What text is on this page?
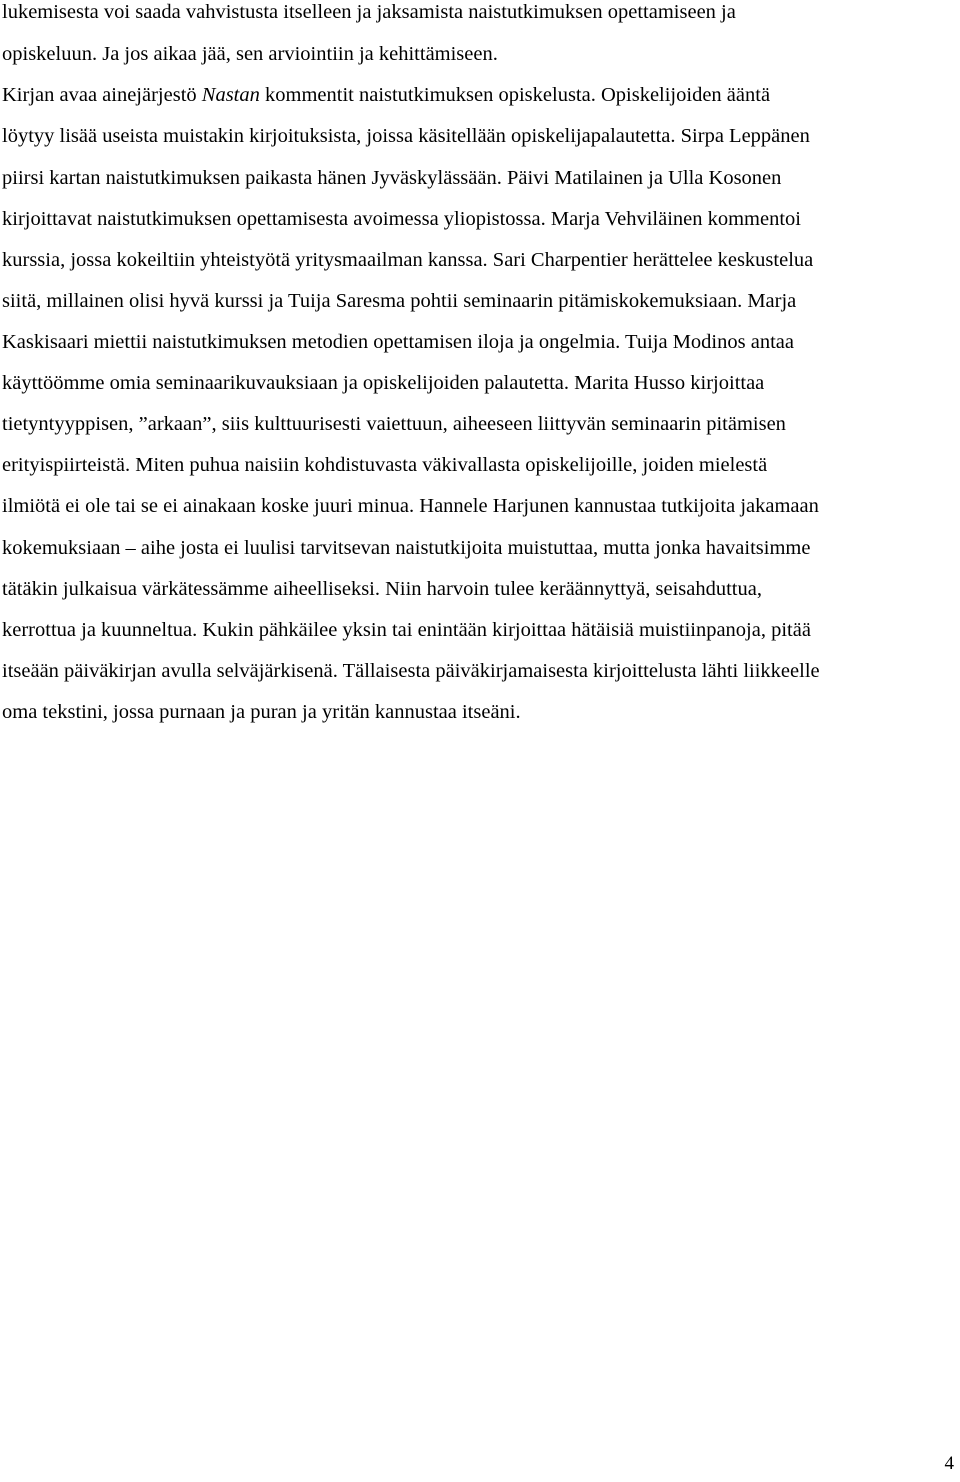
lukemisesta voi saada vahvistusta itselleen ja jaksamista naistutkimuksen opettamiseen ja
opiskeluun. Ja jos aikaa jää, sen arviointiin ja kehittämiseen.
Kirjan avaa ainejärjestö Nastan kommentit naistutkimuksen opiskelusta. Opiskelijoiden ääntä
löytyy lisää useista muistakin kirjoituksista, joissa käsitellään opiskelijapalautetta. Sirpa Leppänen
piirsi kartan naistutkimuksen paikasta hänen Jyväskylässään. Päivi Matilainen ja Ulla Kosonen
kirjoittavat naistutkimuksen opettamisesta avoimessa yliopistossa. Marja Vehviläinen kommentoi
kurssia, jossa kokeiltiin yhteistyötä yritysmaailman kanssa. Sari Charpentier herättelee keskustelua
siitä, millainen olisi hyvä kurssi ja Tuija Saresma pohtii seminaarin pitämiskokemuksiaan. Marja
Kaskisaari miettii naistutkimuksen metodien opettamisen iloja ja ongelmia. Tuija Modinos antaa
käyttöömme omia seminaarikuvauksiaan ja opiskelijoiden palautetta. Marita Husso kirjoittaa
tietyntyyppisen, ”arkaan”, siis kulttuurisesti vaiettuun, aiheeseen liittyvän seminaarin pitämisen
erityispiirteistä. Miten puhua naisiin kohdistuvasta väkivallasta opiskelijoille, joiden mielestä
ilmiötä ei ole tai se ei ainakaan koske juuri minua. Hannele Harjunen kannustaa tutkijoita jakamaan
kokemuksiaan – aihe josta ei luulisi tarvitsevan naistutkijoita muistuttaa, mutta jonka havaitsimme
tätäkin julkaisua värkätessämme aiheelliseksi. Niin harvoin tulee keräännyttyä, seisahduttua,
kerrottua ja kuunneltua. Kukin pähkäilee yksin tai enintään kirjoittaa hätäisiä muistiinpanoja, pitää
itseään päiväkirjan avulla selväjärkisenä. Tällaisesta päiväkirjamaisesta kirjoittelusta lähti liikkeelle
oma tekstini, jossa purnaan ja puran ja yritän kannustaa itseäni.
4
